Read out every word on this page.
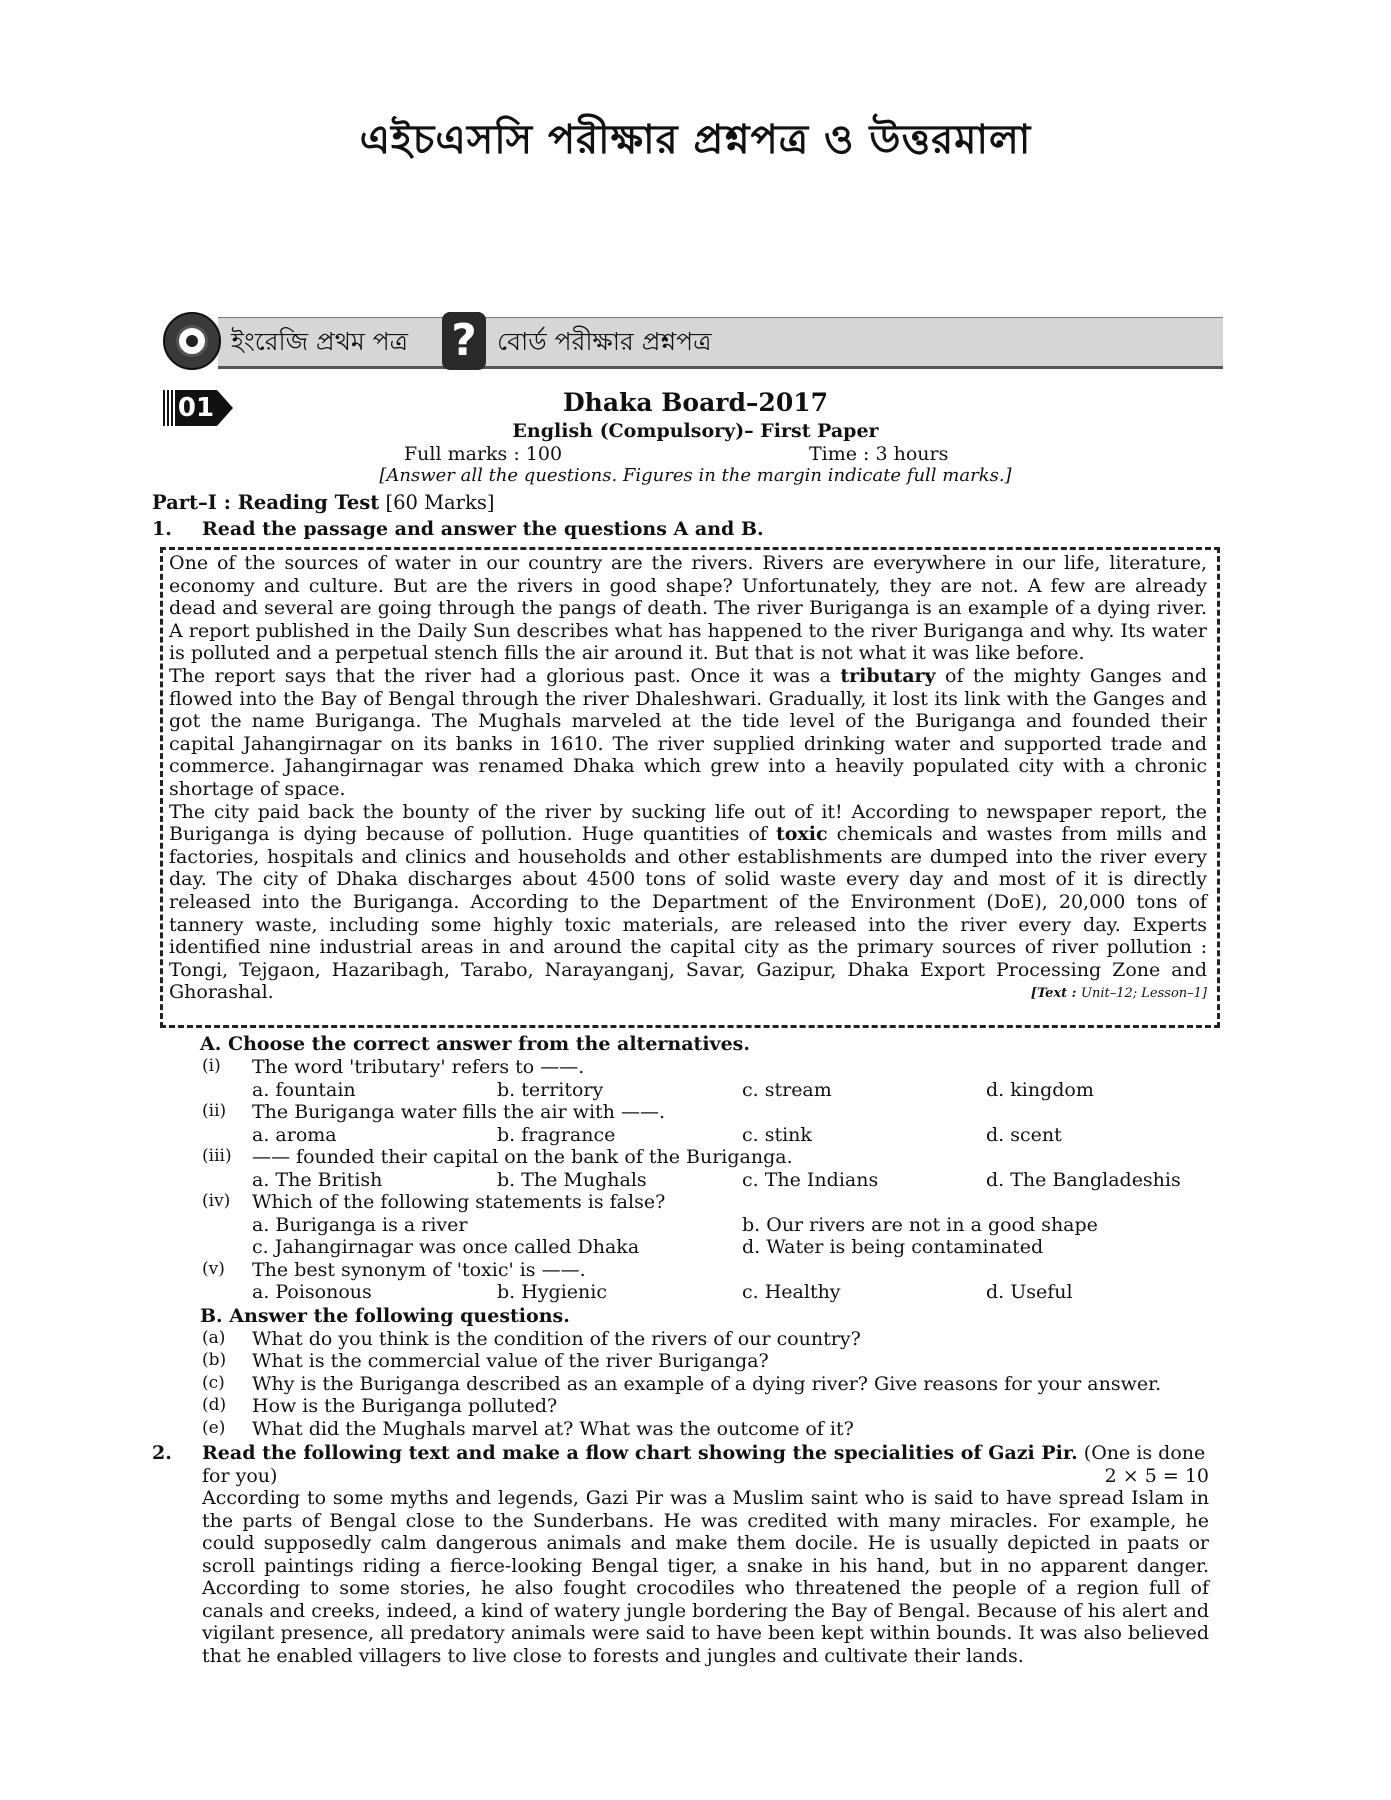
এইচএসসি পরীক্ষার প্রশ্নপত্র ও উত্তরমালা
ইংরেজি প্রথম পত্র ? বোর্ড পরীক্ষার প্রশ্নপত্র
01	Dhaka Board–2017
English (Compulsory)– First Paper
Full marks : 100	Time : 3 hours
[Answer all the questions. Figures in the margin indicate full marks.]
Part–I : Reading Test [60 Marks]
1. Read the passage and answer the questions A and B.

One of the sources of water in our country are the rivers. Rivers are everywhere in our life, literature, economy and culture. But are the rivers in good shape? Unfortunately, they are not. A few are already dead and several are going through the pangs of death. The river Buriganga is an example of a dying river. A report published in the Daily Sun describes what has happened to the river Buriganga and why. Its water is polluted and a perpetual stench fills the air around it. But that is not what it was like before.

The report says that the river had a glorious past. Once it was a tributary of the mighty Ganges and flowed into the Bay of Bengal through the river Dhaleshwari. Gradually, it lost its link with the Ganges and got the name Buriganga. The Mughals marveled at the tide level of the Buriganga and founded their capital Jahangirnagar on its banks in 1610. The river supplied drinking water and supported trade and commerce. Jahangirnagar was renamed Dhaka which grew into a heavily populated city with a chronic shortage of space.

The city paid back the bounty of the river by sucking life out of it! According to newspaper report, the Buriganga is dying because of pollution. Huge quantities of toxic chemicals and wastes from mills and factories, hospitals and clinics and households and other establishments are dumped into the river every day. The city of Dhaka discharges about 4500 tons of solid waste every day and most of it is directly released into the Buriganga. According to the Department of the Environment (DoE), 20,000 tons of tannery waste, including some highly toxic materials, are released into the river every day. Experts identified nine industrial areas in and around the capital city as the primary sources of river pollution : Tongi, Tejgaon, Hazaribagh, Tarabo, Narayanganj, Savar, Gazipur, Dhaka Export Processing Zone and Ghorashal.	[Text : Unit–12; Lesson–1]

A. Choose the correct answer from the alternatives.
(i) The word 'tributary' refers to ——.
a. fountain	b. territory	c. stream	d. kingdom
(ii) The Buriganga water fills the air with ——.
a. aroma	b. fragrance	c. stink	d. scent
(iii) —— founded their capital on the bank of the Buriganga.
a. The British	b. The Mughals	c. The Indians	d. The Bangladeshis
(iv) Which of the following statements is false?
a. Buriganga is a river	b. Our rivers are not in a good shape
c. Jahangirnagar was once called Dhaka	d. Water is being contaminated
(v) The best synonym of 'toxic' is ——.
a. Poisonous	b. Hygienic	c. Healthy	d. Useful
B. Answer the following questions.
(a) What do you think is the condition of the rivers of our country?
(b) What is the commercial value of the river Buriganga?
(c) Why is the Buriganga described as an example of a dying river? Give reasons for your answer.
(d) How is the Buriganga polluted?
(e) What did the Mughals marvel at? What was the outcome of it?
2.	Read the following text and make a flow chart showing the specialities of Gazi Pir. (One is done
for you)	2 × 5 = 10
According to some myths and legends, Gazi Pir was a Muslim saint who is said to have spread Islam in the parts of Bengal close to the Sunderbans. He was credited with many miracles. For example, he could supposedly calm dangerous animals and make them docile. He is usually depicted in paats or scroll paintings riding a fierce-looking Bengal tiger, a snake in his hand, but in no apparent danger. According to some stories, he also fought crocodiles who threatened the people of a region full of canals and creeks, indeed, a kind of watery jungle bordering the Bay of Bengal. Because of his alert and vigilant presence, all predatory animals were said to have been kept within bounds. It was also believed that he enabled villagers to live close to forests and jungles and cultivate their lands.
